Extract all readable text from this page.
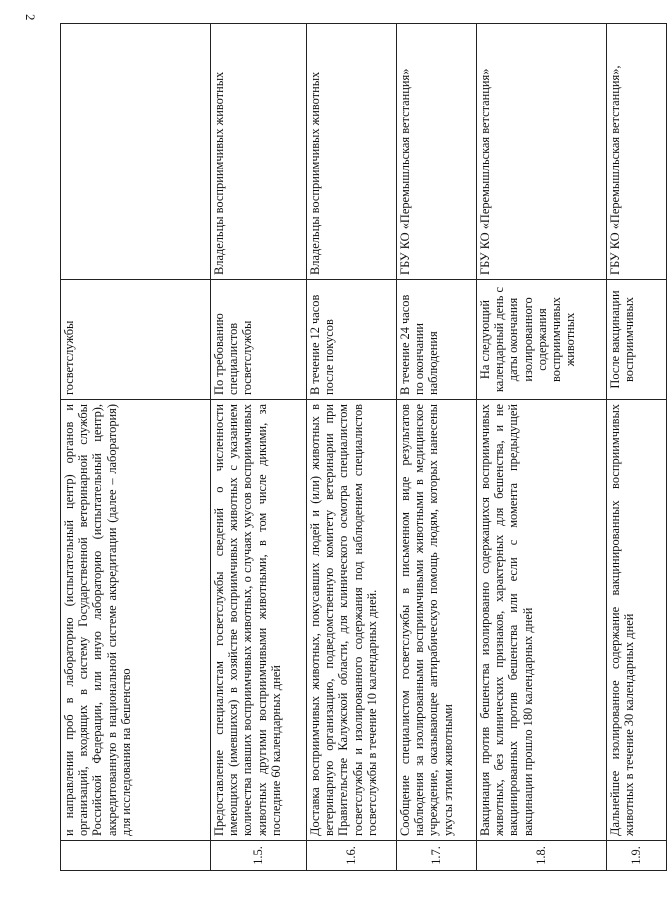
2
	и направлении проб в лабораторию (испытательный центр) органов и организаций, входящих в систему Государственной ветеринарной службы Российской Федерации, или иную лабораторию (испытательный центр), аккредитованную в национальной системе аккредитации (далее – лаборатория) для исследования на бешенство	госветслужбы	
1.5.	Предоставление специалистам госветслужбы сведений о численности имеющихся (имевшихся) в хозяйстве восприимчивых животных с указанием количества павших восприимчивых животных, о случаях укусов восприимчивых животных другими восприимчивыми животными, в том числе дикими, за последние 60 календарных дней	По требованию специалистов госветслужбы	Владельцы восприимчивых животных
1.6.	Доставка восприимчивых животных, покусавших людей и (или) животных в ветеринарную организацию, подведомственную комитету ветеринарии при Правительстве Калужской области, для клинического осмотра специалистом госветслужбы и изолированного содержания под наблюдением специалистов госветслужбы в течение 10 календарных дней.	В течение 12 часов после покусов	Владельцы восприимчивых животных
1.7.	Сообщение специалистом госветслужбы в письменном виде результатов наблюдения за изолированными восприимчивыми животными в медицинское учреждение, оказывающее антирабическую помощь людям, которых нанесены укусы этими животными	В течение 24 часов по окончании наблюдения	ГБУ КО «Перемышльская ветстанция»
1.8.	Вакцинация против бешенства изолированно содержащихся восприимчивых животных, без клинических признаков, характерных для бешенства, и не вакцинированных против бешенства или если с момента предыдущей вакцинации прошло 180 календарных дней	На следующий календарный день с даты окончания изолированного содержания восприимчивых животных	ГБУ КО «Перемышльская ветстанция»
1.9.	Дальнейшее изолированное содержание вакцинированных восприимчивых животных в течение 30 календарных дней	После вакцинации восприимчивых	ГБУ КО «Перемышльская ветстанция»,
